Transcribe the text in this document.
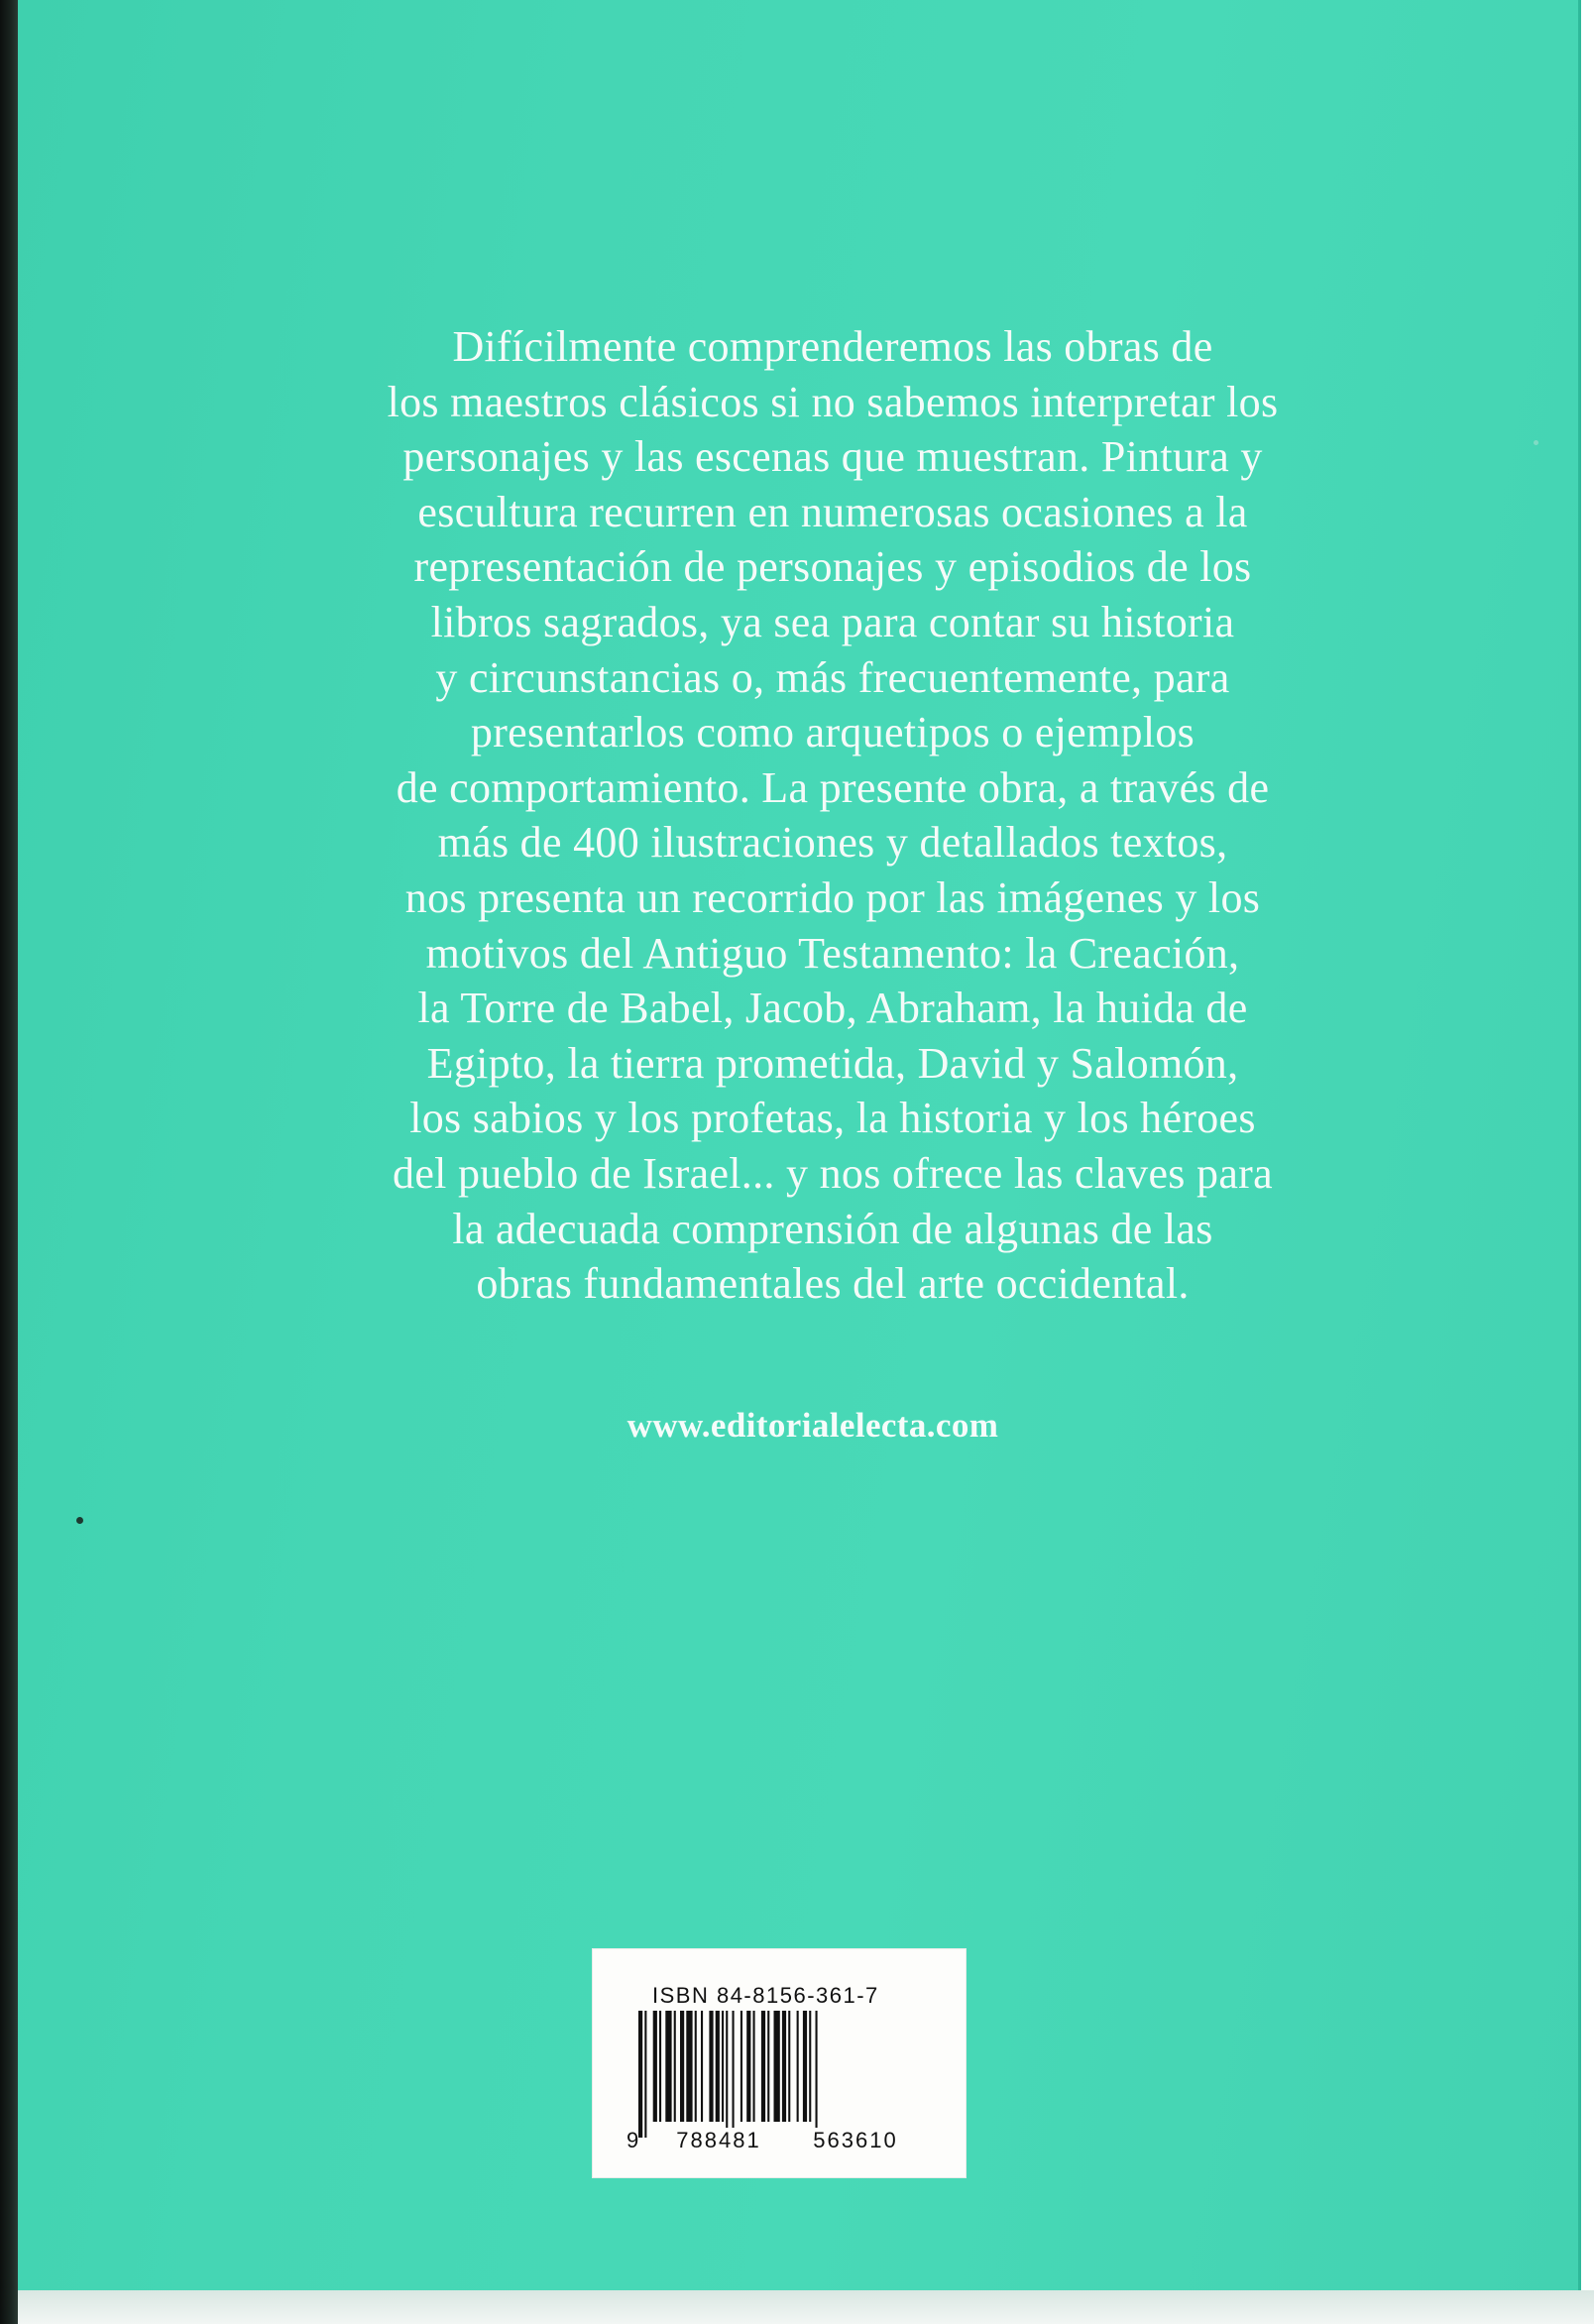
Difícilmente comprenderemos las obras de
los maestros clásicos si no sabemos interpretar los
personajes y las escenas que muestran. Pintura y
escultura recurren en numerosas ocasiones a la
representación de personajes y episodios de los
libros sagrados, ya sea para contar su historia
y circunstancias o, más frecuentemente, para
presentarlos como arquetipos o ejemplos
de comportamiento. La presente obra, a través de
más de 400 ilustraciones y detallados textos,
nos presenta un recorrido por las imágenes y los
motivos del Antiguo Testamento: la Creación,
la Torre de Babel, Jacob, Abraham, la huida de
Egipto, la tierra prometida, David y Salomón,
los sabios y los profetas, la historia y los héroes
del pueblo de Israel... y nos ofrece las claves para
la adecuada comprensión de algunas de las
obras fundamentales del arte occidental.
www.editorialelecta.com
ISBN 84-8156-361-7
9	788481	563610
